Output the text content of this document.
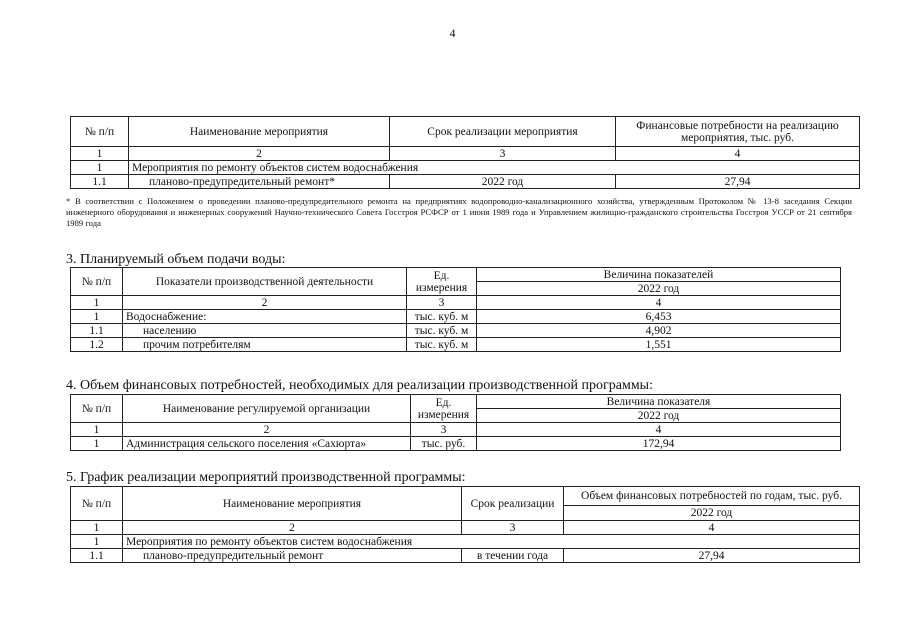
4
№ п/п	Наименование мероприятия	Срок реализации мероприятия	Финансовые потребности на реализацию мероприятия, тыс. руб.
1	2	3	4
1	Мероприятия по ремонту объектов систем водоснабжения		
1.1	планово-предупредительный ремонт*	2022 год	27,94
* В соответствии с Положением о проведении планово-предупредительного ремонта на предприятиях водопроводно-канализационного хозяйства, утвержденным Протоколом № 13-8 заседания Секции инженерного оборудования и инженерных сооружений Научно-технического Совета Госстроя РСФСР от 1 июня 1989 года и Управлением жилищно-гражданского строительства Госстроя УССР от 21 сентября 1989 года
3. Планируемый объем подачи воды:
№ п/п	Показатели производственной деятельности	Ед. измерения	Величина показателей
			2022 год
1	2	3	4
1	Водоснабжение:	тыс. куб. м	6,453
1.1	населению	тыс. куб. м	4,902
1.2	прочим потребителям	тыс. куб. м	1,551
4. Объем финансовых потребностей, необходимых для реализации производственной программы:
№ п/п	Наименование регулируемой организации	Ед. измерения	Величина показателя
			2022 год
1	2	3	4
1	Администрация сельского поселения «Сахюрта»	тыс. руб.	172,94
5. График реализации мероприятий производственной программы:
№ п/п	Наименование мероприятия	Срок реализации	Объем финансовых потребностей по годам, тыс. руб.
			2022 год
1	2	3	4
1	Мероприятия по ремонту объектов систем водоснабжения		
1.1	планово-предупредительный ремонт	в течении года	27,94
